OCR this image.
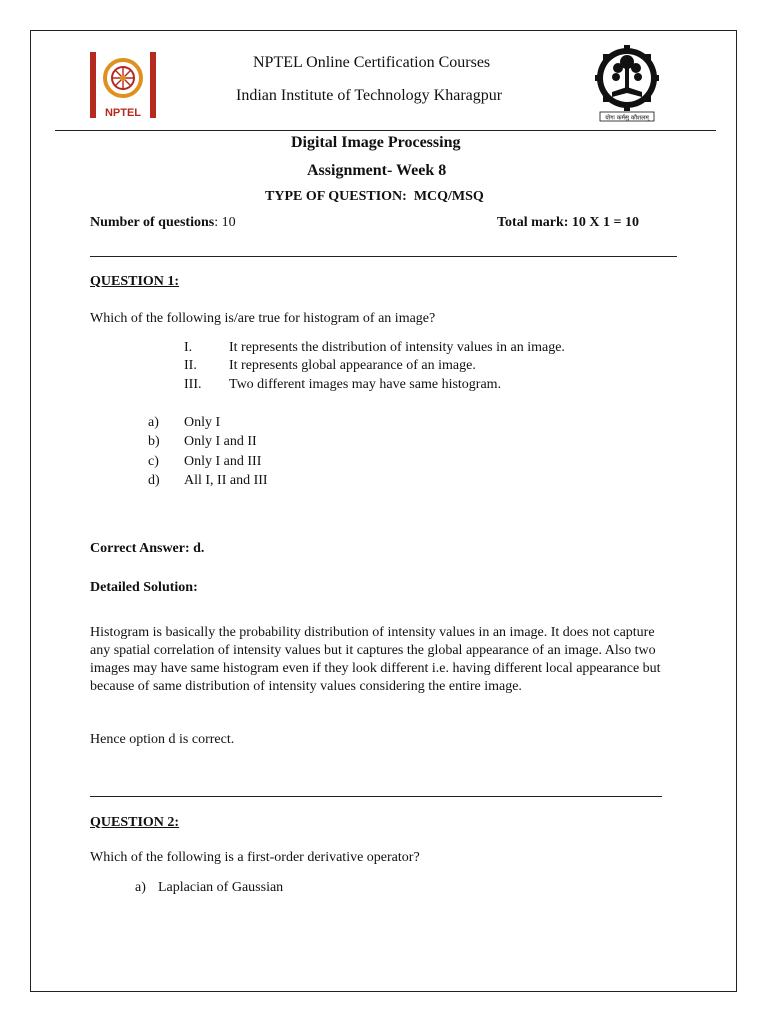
NPTEL	योगः कर्मसु कौशलम्
NPTEL Online Certification Courses
Indian Institute of Technology Kharagpur
Digital Image Processing
Assignment- Week 8
TYPE OF QUESTION:  MCQ/MSQ
Number of questions: 10	Total mark: 10 X 1 = 10
QUESTION 1:
Which of the following is/are true for histogram of an image?
I.	It represents the distribution of intensity values in an image.
II. It represents global appearance of an image.
III. Two different images may have same histogram.
a) Only I
b) Only I and II
c) Only I and III
d) All I, II and III
Correct Answer: d.
Detailed Solution:
Histogram is basically the probability distribution of intensity values in an image. It does not capture any spatial correlation of intensity values but it captures the global appearance of an image. Also two images may have same histogram even if they look different i.e. having different local appearance but because of same distribution of intensity values considering the entire image.
Hence option d is correct.
QUESTION 2:
Which of the following is a first-order derivative operator?
a) Laplacian of Gaussian
